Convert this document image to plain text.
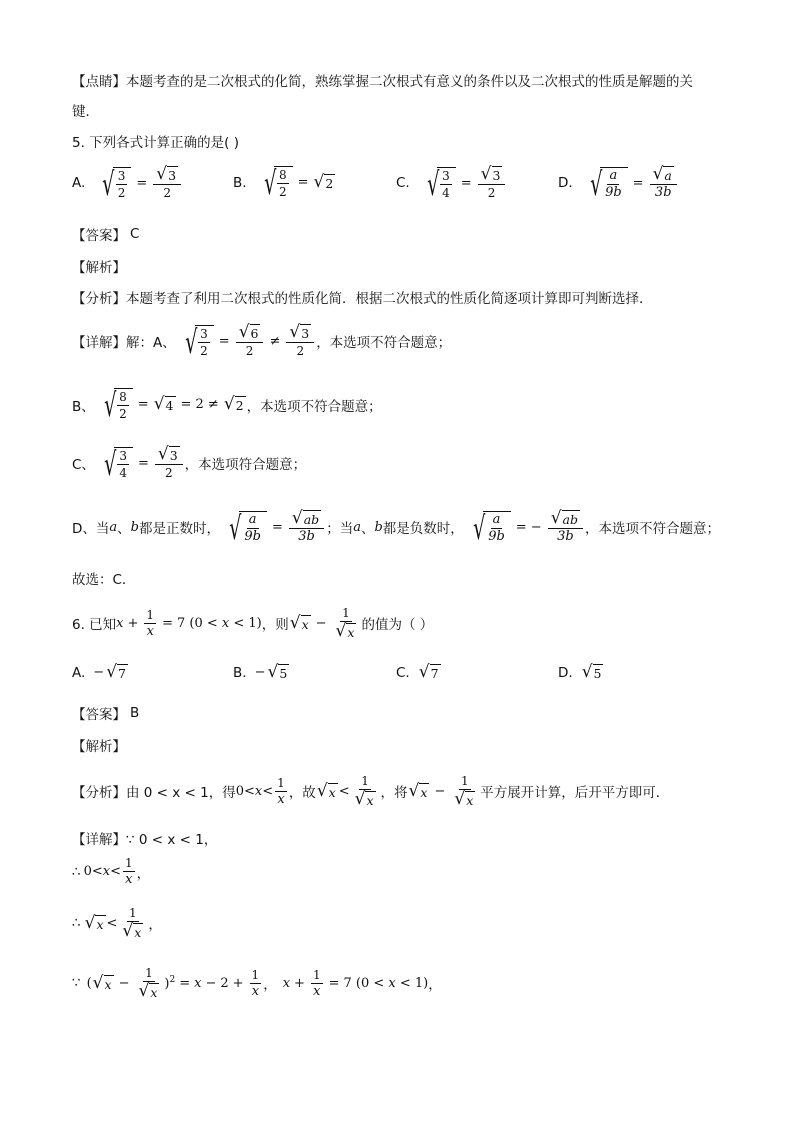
【点睛】 本题考查的是二次根式的化简，熟练掌握二次根式有意义的条件以及二次根式的性质是解题的关
键．
5. 下列各式计算正确的是( )
A. √ $\frac{3}{2} = \frac{√ 3}{2}$	B. √ $\frac{8}{2}$ = √ 2	C. √ $\frac{3}{4} = \frac{√ 3}{2}$	D. √ $\frac{a}{9b} = \frac{√ a}{3b}$
【答案】 C
【解析】
【分析】 本题考查了利用二次根式的性质化简．根据二次根式的性质化简逐项计算即可判断选择．
【详解】 解：A、 √ $\frac{3}{2} = \frac{√ 6}{2} \ne \frac{√ 3}{2}$ ，本选项不符合题意；
B、 √ $\frac{8}{2}$ = √ 4 = 2 ≠ √ 2 ，本选项不符合题意；
C、 √ $\frac{3}{4} = \frac{√ 3}{2}$ ，本选项符合题意；
D、当 a 、 b 都是正数时， √ $\frac{a}{9b} = \frac{√ ab}{3b}$ ；当 a 、 b 都是负数时， √ $\frac{a}{9b}$ = − $\frac{√ ab}{3b}$ ，本选项不符合题意；
故选：C．
6. 已知 $x + \frac{1}{x} = 7$ (0 < x < 1) ，则 √ $x - \frac{1}{√ x}$ 的值为（ ）
A. − √ 7	B. − √ 5	C. √ 7	D. √ 5
【答案】 B
【解析】
【分析】 由 0 < x < 1，得 $0< x < \frac{1}{x}$ ，故 √ $x < \frac{1}{√ x}$ ，将 √ $x - \frac{1}{√ x}$ 平方展开计算，后开平方即可．
【详解】 ∵ 0 < x < 1，
∴ $0< x < \frac{1}{x}$ ，
∴ √ $x < \frac{1}{√ x}$ ，
∵ ( √ $x - \frac{1}{√ x} )^2 = x - 2 + \frac{1}{x}$ ， $x + \frac{1}{x} = 7$ (0 < x < 1) ，
